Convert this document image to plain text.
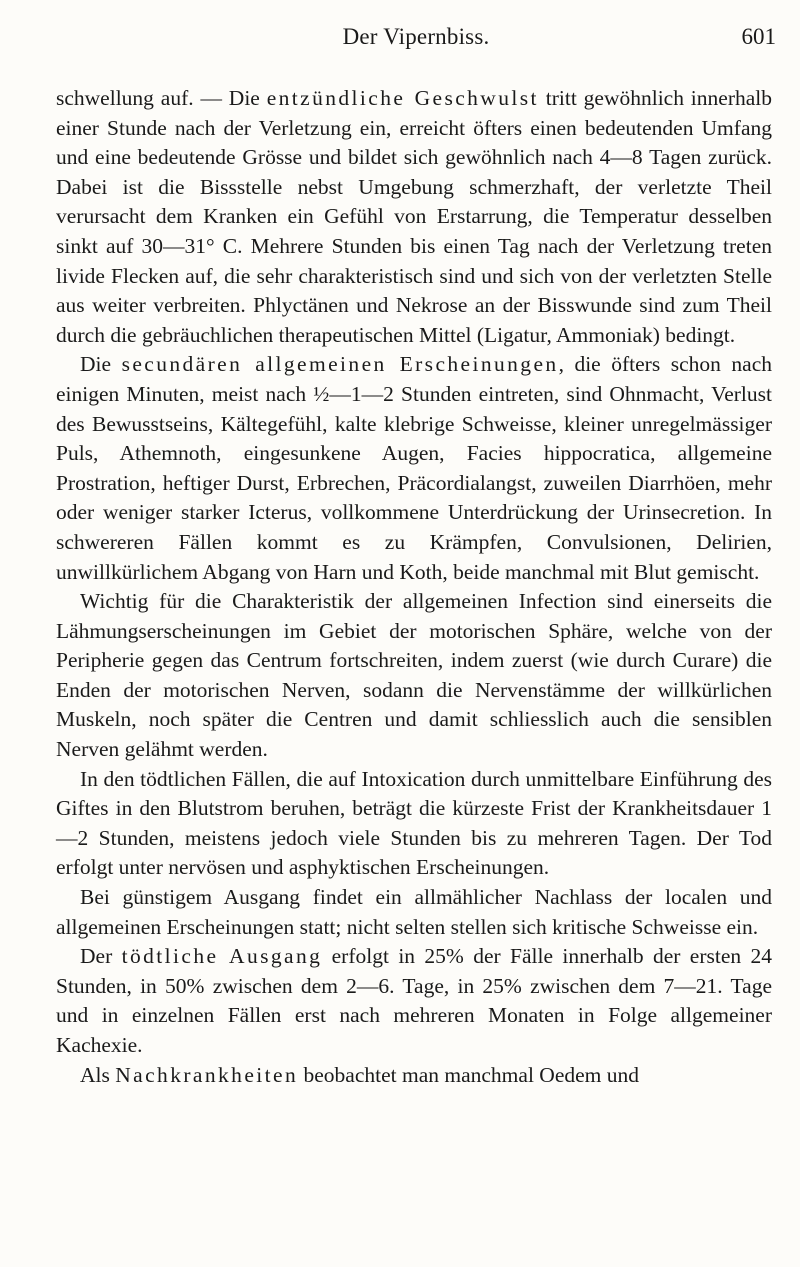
Der Vipernbiss.	601

schwellung auf. — Die entzündliche Geschwulst tritt gewöhnlich innerhalb einer Stunde nach der Verletzung ein, erreicht öfters einen bedeutenden Umfang und eine bedeutende Grösse und bildet sich gewöhnlich nach 4—8 Tagen zurück. Dabei ist die Bissstelle nebst Umgebung schmerzhaft, der verletzte Theil verursacht dem Kranken ein Gefühl von Erstarrung, die Temperatur desselben sinkt auf 30—31° C. Mehrere Stunden bis einen Tag nach der Verletzung treten livide Flecken auf, die sehr charakteristisch sind und sich von der verletzten Stelle aus weiter verbreiten. Phlyctänen und Nekrose an der Bisswunde sind zum Theil durch die gebräuchlichen therapeutischen Mittel (Ligatur, Ammoniak) bedingt.

Die secundären allgemeinen Erscheinungen, die öfters schon nach einigen Minuten, meist nach ½—1—2 Stunden eintreten, sind Ohnmacht, Verlust des Bewusstseins, Kältegefühl, kalte klebrige Schweisse, kleiner unregelmässiger Puls, Athemnoth, eingesunkene Augen, Facies hippocratica, allgemeine Prostration, heftiger Durst, Erbrechen, Präcordialangst, zuweilen Diarrhöen, mehr oder weniger starker Icterus, vollkommene Unterdrückung der Urinsecretion. In schwereren Fällen kommt es zu Krämpfen, Convulsionen, Delirien, unwillkürlichem Abgang von Harn und Koth, beide manchmal mit Blut gemischt.

Wichtig für die Charakteristik der allgemeinen Infection sind einerseits die Lähmungserscheinungen im Gebiet der motorischen Sphäre, welche von der Peripherie gegen das Centrum fortschreiten, indem zuerst (wie durch Curare) die Enden der motorischen Nerven, sodann die Nervenstämme der willkürlichen Muskeln, noch später die Centren und damit schliesslich auch die sensiblen Nerven gelähmt werden.

In den tödtlichen Fällen, die auf Intoxication durch unmittelbare Einführung des Giftes in den Blutstrom beruhen, beträgt die kürzeste Frist der Krankheitsdauer 1—2 Stunden, meistens jedoch viele Stunden bis zu mehreren Tagen. Der Tod erfolgt unter nervösen und asphyktischen Erscheinungen.

Bei günstigem Ausgang findet ein allmählicher Nachlass der localen und allgemeinen Erscheinungen statt; nicht selten stellen sich kritische Schweisse ein.

Der tödtliche Ausgang erfolgt in 25% der Fälle innerhalb der ersten 24 Stunden, in 50% zwischen dem 2—6. Tage, in 25% zwischen dem 7—21. Tage und in einzelnen Fällen erst nach mehreren Monaten in Folge allgemeiner Kachexie.

Als Nachkrankheiten beobachtet man manchmal Oedem und
